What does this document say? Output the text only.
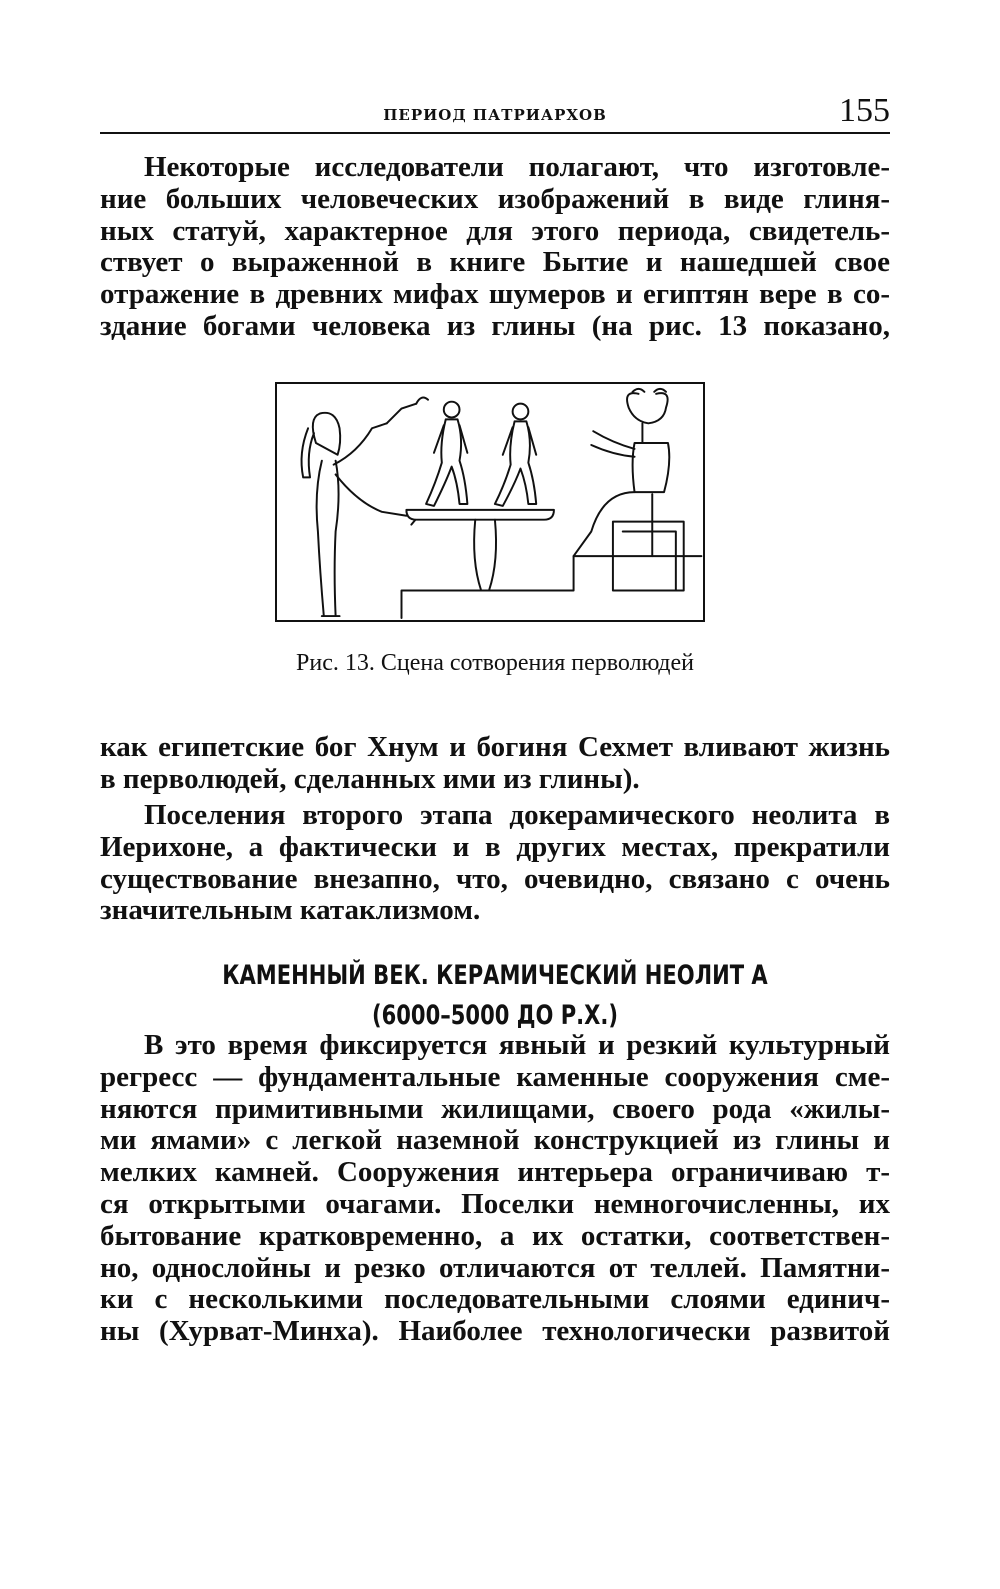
ПЕРИОД ПАТРИАРХОВ	155
Некоторые исследователи полагают, что изготовле-
ние больших человеческих изображений в виде глиня-
ных статуй, характерное для этого периода, свидетель-
ствует о выраженной в книге Бытие и нашедшей свое
отражение в древних мифах шумеров и египтян вере в со-
здание богами человека из глины (на рис. 13 показано,
Рис. 13. Сцена сотворения перволюдей
как египетские бог Хнум и богиня Сехмет вливают жизнь
в перволюдей, сделанных ими из глины).
Поселения второго этапа докерамического неолита в
Иерихоне, а фактически и в других местах, прекратили
существование внезапно, что, очевидно, связано с очень
значительным катаклизмом.
КАМЕННЫЙ ВЕК. КЕРАМИЧЕСКИЙ НЕОЛИТ А
(6000–5000 ДО Р.Х.)
В это время фиксируется явный и резкий культурный
регресс — фундаментальные каменные сооружения сме-
няются примитивными жилищами, своего рода «жилы-
ми ямами» с легкой наземной конструкцией из глины и
мелких камней. Сооружения интерьера ограничиваю т-
ся открытыми очагами. Поселки немногочисленны, их
бытование кратковременно, а их остатки, соответствен-
но, однослойны и резко отличаются от теллей. Памятни-
ки с несколькими последовательными слоями единич-
ны (Хурват-Минха). Наиболее технологически развитой
